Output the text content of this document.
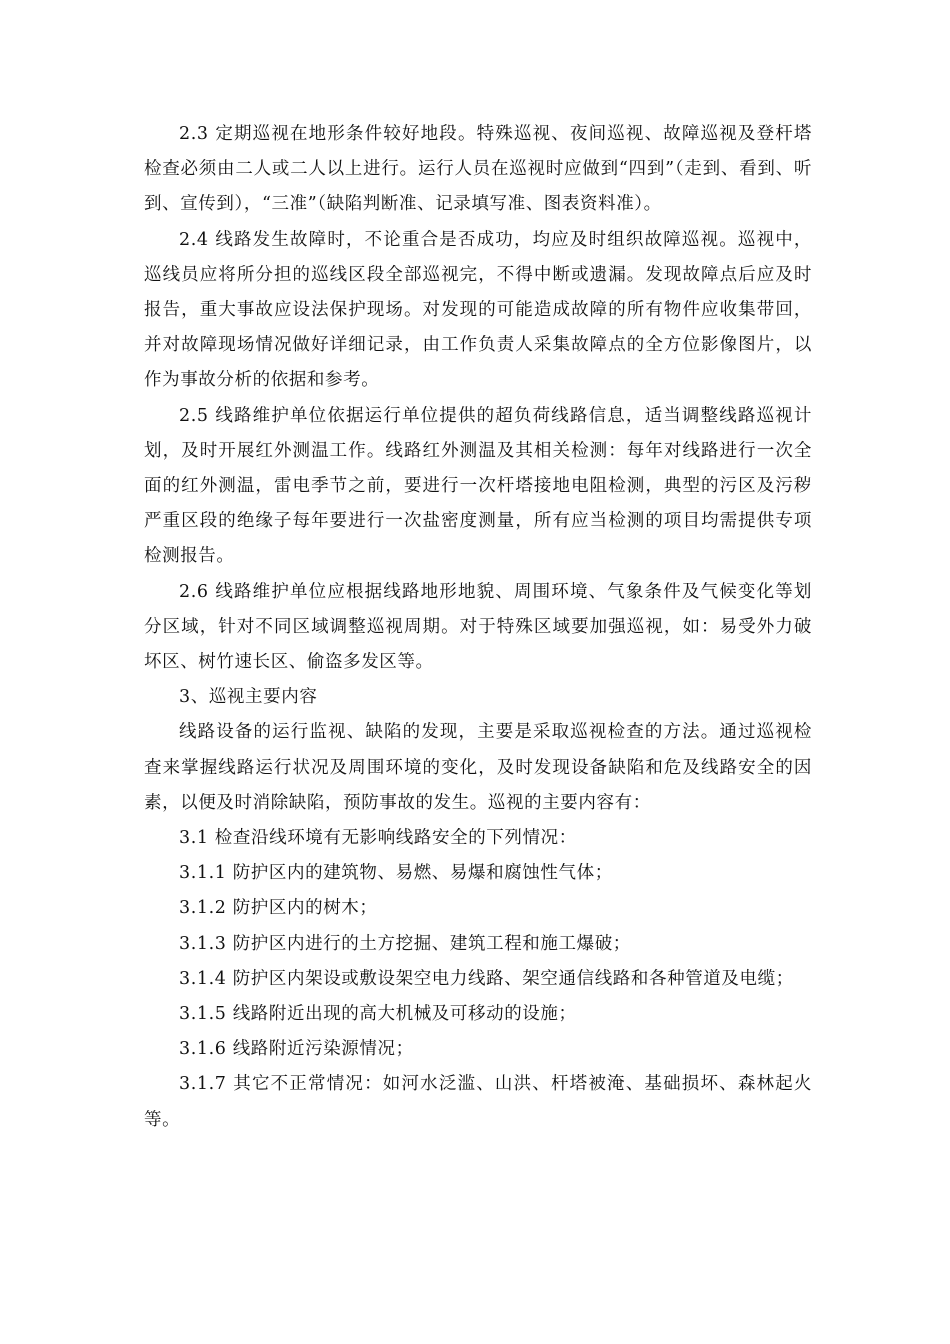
2.3 定期巡视在地形条件较好地段。特殊巡视、夜间巡视、故障巡视及登杆塔检查必须由二人或二人以上进行。运行人员在巡视时应做到“四到”（走到、看到、听到、宣传到），“三准”（缺陷判断准、记录填写准、图表资料准）。

2.4 线路发生故障时，不论重合是否成功，均应及时组织故障巡视。巡视中，巡线员应将所分担的巡线区段全部巡视完，不得中断或遗漏。发现故障点后应及时报告，重大事故应设法保护现场。对发现的可能造成故障的所有物件应收集带回，并对故障现场情况做好详细记录，由工作负责人采集故障点的全方位影像图片，以作为事故分析的依据和参考。

2.5 线路维护单位依据运行单位提供的超负荷线路信息，适当调整线路巡视计划，及时开展红外测温工作。线路红外测温及其相关检测：每年对线路进行一次全面的红外测温，雷电季节之前，要进行一次杆塔接地电阻检测，典型的污区及污秽严重区段的绝缘子每年要进行一次盐密度测量，所有应当检测的项目均需提供专项检测报告。

2.6 线路维护单位应根据线路地形地貌、周围环境、气象条件及气候变化等划分区域，针对不同区域调整巡视周期。对于特殊区域要加强巡视，如：易受外力破坏区、树竹速长区、偷盗多发区等。

3、巡视主要内容

线路设备的运行监视、缺陷的发现，主要是采取巡视检查的方法。通过巡视检查来掌握线路运行状况及周围环境的变化，及时发现设备缺陷和危及线路安全的因素，以便及时消除缺陷，预防事故的发生。巡视的主要内容有：

3.1 检查沿线环境有无影响线路安全的下列情况：

3.1.1 防护区内的建筑物、易燃、易爆和腐蚀性气体；

3.1.2 防护区内的树木；

3.1.3 防护区内进行的土方挖掘、建筑工程和施工爆破；

3.1.4 防护区内架设或敷设架空电力线路、架空通信线路和各种管道及电缆；

3.1.5 线路附近出现的高大机械及可移动的设施；

3.1.6 线路附近污染源情况；

3.1.7 其它不正常情况：如河水泛滥、山洪、杆塔被淹、基础损坏、森林起火等。
